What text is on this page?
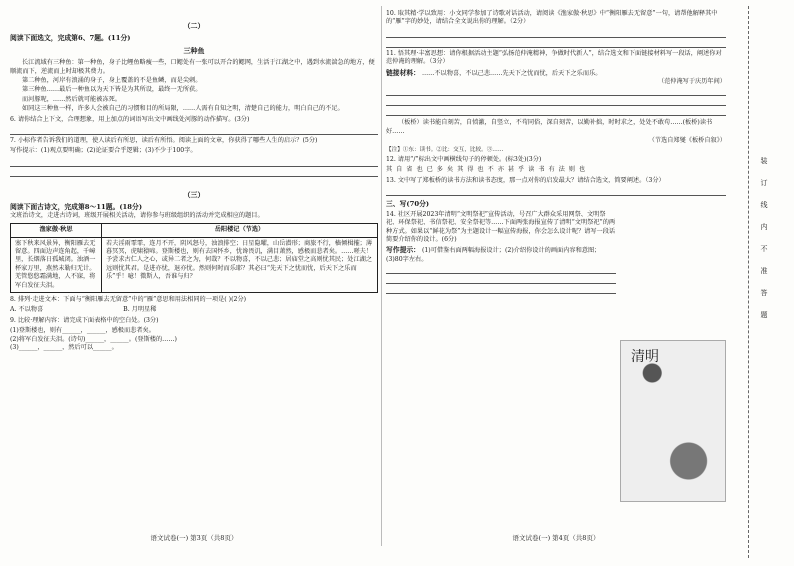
（二）
阅读下面选文，完成第6、7题。(11分)
三种鱼

长江流域有三种鱼：第一种鱼，身子比鲤鱼略瘦一些，口鳃处有一张可以开合的鳃网，生活于江湖之中，遇到水流湍急的地方，便顺流而下，逆流而上时却极其费力。

第二种鱼，河岸有浪涌的身子，身上覆盖的不是鱼鳞，而是尖刺。

第三种鱼……最后一种鱼以为天下皆是为其所设，最终一无所获。

而河豚呢，……然后就可能被冻死。

如同这三种鱼一样，许多人会被自己的习惯和目的所局限，……人需有自知之明，清楚自己的能力，明白自己的不足。

6. 请你结合上下文，合理想象，用上加点的词语写出文中画线处河豚的动作描写。(3分)
7. 小标作者告诉我们的道理，使人读后有所思，读后有所悟。阅读上面的文章，你获得了哪些人生的启示？(5分)
写作提示：(1)观点要明确；(2)论证要合乎逻辑；(3)不少于100字。
（三）
阅读下面古诗文，完成第8～11题。(18分)
文班治诗文，走进古诗词，班级开展相关活动，请你参与班级组织的活动并完成相应的题目。
渔家傲·秋思
塞下秋来风景异，衡阳雁去无留意。四面边声连角起，千嶂里，长烟落日孤城闭。浊酒一杯家万里，燕然未勒归无计。羌管悠悠霜满地，人不寐，将军白发征夫泪。
岳阳楼记（节选）
若夫淫雨霏霏，连月不开，阴风怒号，浊浪排空；日星隐曜，山岳潜形；商旅不行，樯倾楫摧；薄暮冥冥，虎啸猿啼。登斯楼也，则有去国怀乡，忧谗畏讥，满目萧然，感极而悲者矣。……嗟夫！予尝求古仁人之心，或异二者之为，何哉？不以物喜，不以己悲；居庙堂之高则忧其民；处江湖之远则忧其君。是进亦忧，退亦忧。然则何时而乐耶？其必曰“先天下之忧而忧，后天下之乐而乐”乎！噫！微斯人，吾谁与归？
8. 排列·走进文本：下面与“衡阳雁去无留意”中的“雁”意思和用法相同的一项是( )(2分)
A. 不以物喜	B. 月明星稀
9. 比较·理解内容：请完成下面表格中的空白处。(3分)
(1)登斯楼也，则有______，______，感极而悲者矣。
(2)将军白发征夫泪。(诗句)______，______。(登斯楼的……)
(3)______，______，然后可以______。
语文试卷(一) 第3页（共8页）
10. 取其精·学以致用：小文同学参加了诗歌对话活动，请阅读《渔家傲·秋思》中“衡阳雁去无留意”一句，请帮他解释其中的“雁”字的妙处，请结合全文说出你的理解。（2分）
11. 悟其理·丰富思想：请你根据活动主题“弘扬范仲淹精神，争做时代新人”，结合选文和下面链接材料写一段话，阐述你对范仲淹的理解。（3分）
链接材料： ……不以物喜，不以己悲……先天下之忧而忧，后天下之乐而乐。
（范仲淹写于庆历年间）

（板桥）读书能自刻苦，自愤激，自竖立，不苟同俗，深自刻苦，以勤补拙，时时求之，处处不敢苟……(板桥)读书好……

（节选自郑燮《板桥自叙》）
【注】①东：读书。②比：交互，比较。③……
12. 请用“/”标出文中画横线句子的停顿处。(标3处)(3分)
其 自 省 也 已 多 矣 其 得 也 不 亦 甚 乎 读 书 有 法 则 也
13. 文中写了郑板桥的读书方法和读书态度，那一点对你的启发最大？请结合选文，简要阐述。（3分）
三、写(70分)
14. 社区开展2023年清明“文明祭祀”宣传活动，号召广大群众采用网祭、文明祭祀、环保祭祀、书信祭祀、安全祭祀等……下面两张海报宣传了清明“文明祭祀”的两种方式。如果以“鲜花为祭”为主题设计一幅宣传海报，你会怎么设计呢？请写一段话简要介绍你的设计。(6分)
写作提示： (1)可借鉴右面两幅海报设计；(2)介绍你设计的画面内容和意图；(3)80字左右。
清明
语文试卷(一) 第4页（共8页）
装
订
线
内
不
准
答
题
